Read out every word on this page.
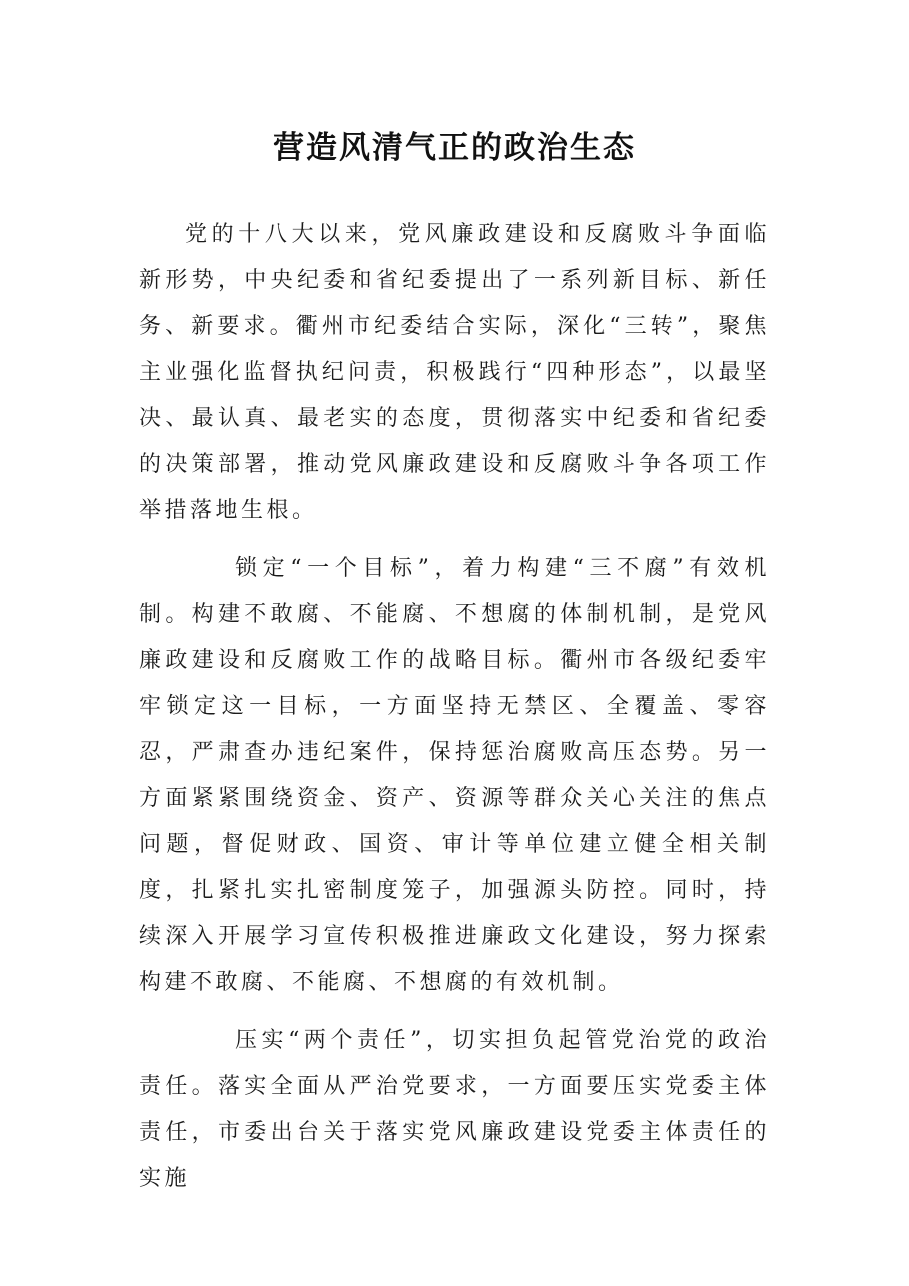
营造风清气正的政治生态

党的十八大以来，党风廉政建设和反腐败斗争面临新形势，中央纪委和省纪委提出了一系列新目标、新任务、新要求。衢州市纪委结合实际，深化“三转”，聚焦主业强化监督执纪问责，积极践行“四种形态”，以最坚决、最认真、最老实的态度，贯彻落实中纪委和省纪委的决策部署，推动党风廉政建设和反腐败斗争各项工作举措落地生根。

锁定“一个目标”，着力构建“三不腐”有效机制。构建不敢腐、不能腐、不想腐的体制机制，是党风廉政建设和反腐败工作的战略目标。衢州市各级纪委牢牢锁定这一目标，一方面坚持无禁区、全覆盖、零容忍，严肃查办违纪案件，保持惩治腐败高压态势。另一方面紧紧围绕资金、资产、资源等群众关心关注的焦点问题，督促财政、国资、审计等单位建立健全相关制度，扎紧扎实扎密制度笼子，加强源头防控。同时，持续深入开展学习宣传积极推进廉政文化建设，努力探索构建不敢腐、不能腐、不想腐的有效机制。

压实“两个责任”，切实担负起管党治党的政治责任。落实全面从严治党要求，一方面要压实党委主体责任，市委出台关于落实党风廉政建设党委主体责任的实施
